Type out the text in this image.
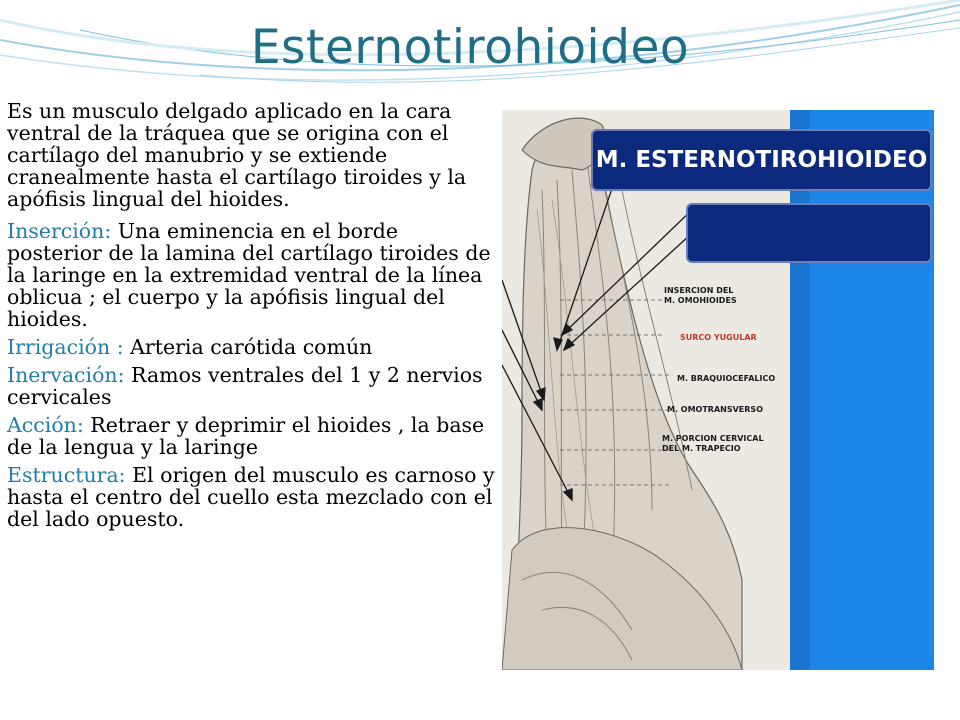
Esternotirohioideo

Es un musculo delgado aplicado en la cara ventral de la tráquea que se origina con el cartílago del manubrio y se extiende cranealmente hasta el cartílago tiroides y la apófisis lingual del hioides.

Inserción: Una eminencia en el borde posterior de la lamina del cartílago tiroides de la laringe en la extremidad ventral de la línea oblicua ; el cuerpo y la apófisis lingual del hioides.

Irrigación : Arteria carótida común

Inervación: Ramos ventrales del 1 y 2 nervios cervicales

Acción: Retraer y deprimir el hioides , la base de la lengua y la laringe

Estructura: El origen del musculo es carnoso y hasta el centro del cuello esta mezclado con el del lado opuesto.

M. ESTERNOTIROHIOIDEO
INSERCION DEL
M. OMOHIOIDES
SURCO YUGULAR
M. BRAQUIOCEFALICO
M. OMOTRANSVERSO
M. PORCION CERVICAL
DEL M. TRAPECIO
